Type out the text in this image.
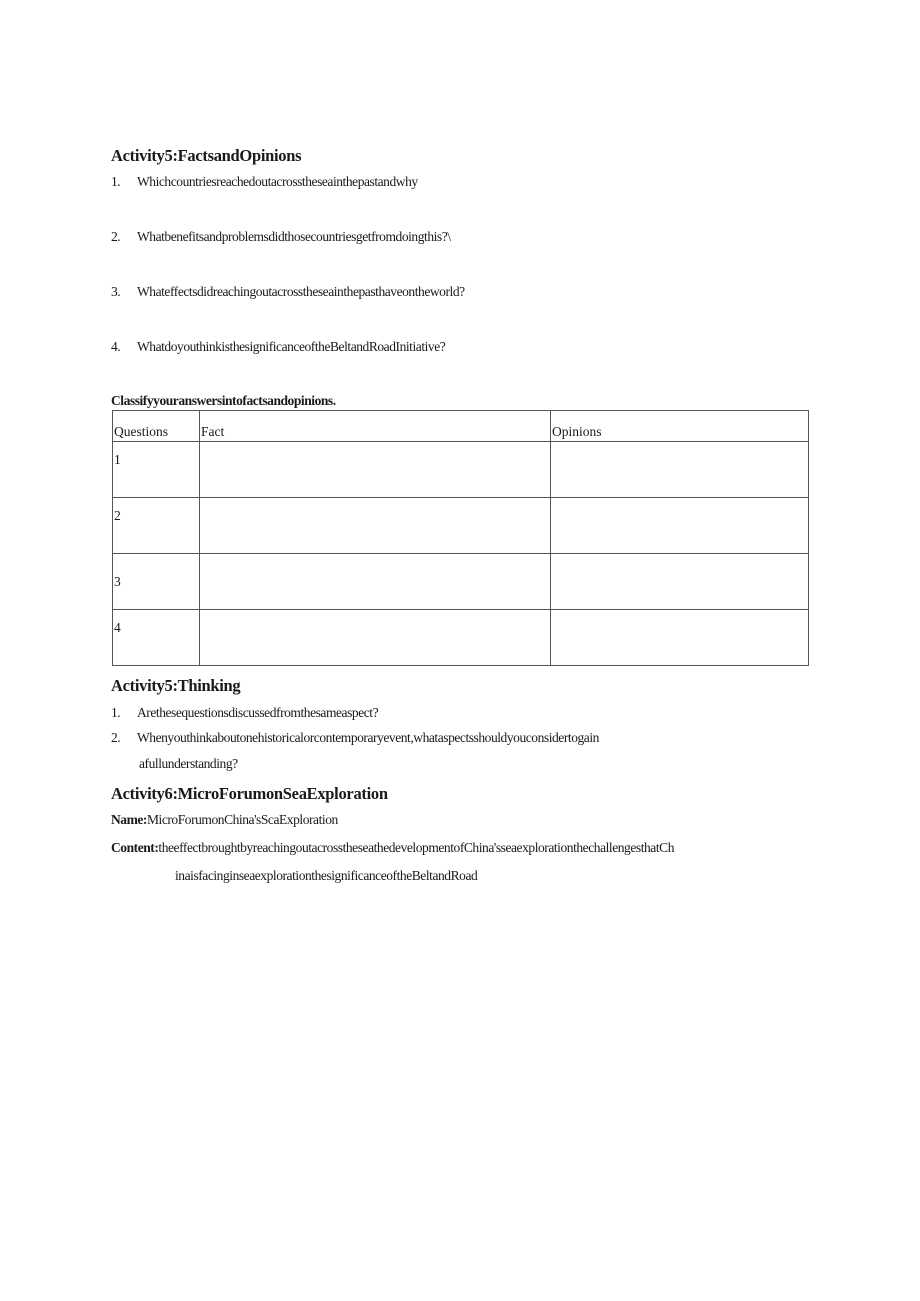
Activity5:FactsandOpinions
1. Whichcountriesreachedoutacrosstheseainthepastandwhy
2. Whatbenefitsandproblemsdidthosecountriesgetfromdoingthis?\
3. Whateffectsdidreachingoutacrosstheseainthepasthaveontheworld?
4. WhatdoyouthinkisthesignificanceoftheBeltandRoadInitiative?
Classifyyouranswersintofactsandopinions.
Questions	Fact	Opinions
1		
2		
3		
4		
Activity5:Thinking
1. Arethesequestionsdiscussedfromthesameaspect?
2. Whenyouthinkaboutonehistoricalorcontemporaryevent,whataspectsshouldyouconsidertogain
afullunderstanding?
Activity6:MicroForumonSeaExploration
Name:MicroForumonChina'sScaExploration
Content:theeffectbroughtbyreachingoutacrosstheseathedevelopmentofChina'sseaexplorationthechallengesthatCh
inaisfacinginseaexplorationthesignificanceoftheBeltandRoad
